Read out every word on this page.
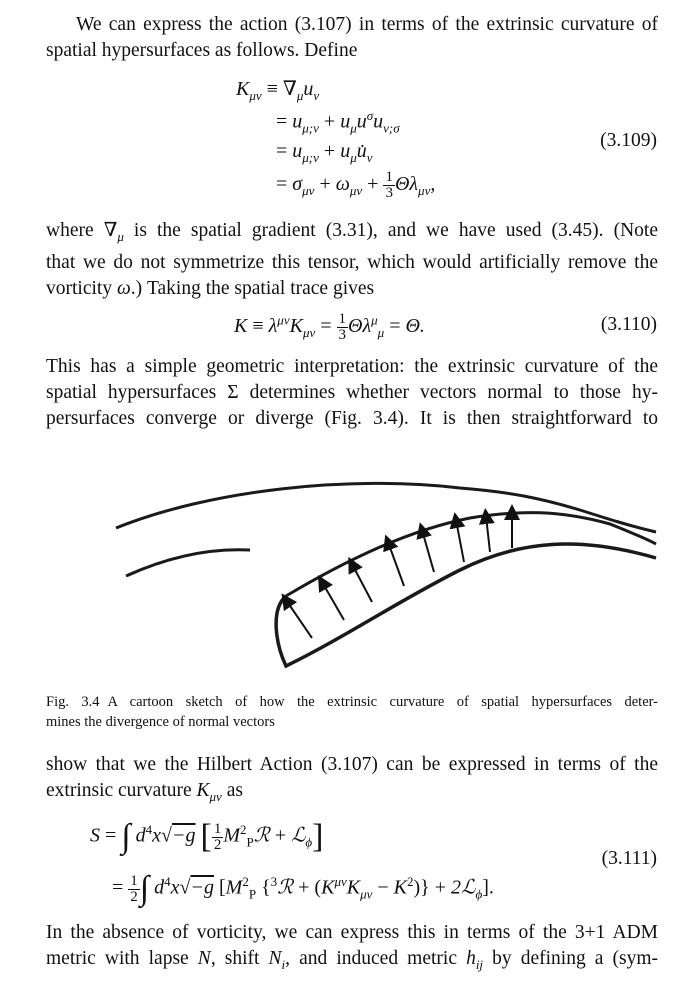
We can express the action (3.107) in terms of the extrinsic curvature of
spatial hypersurfaces as follows. Define
$K_{\mu\nu} \equiv \nabla_\mu u_\nu$
= $u_{\mu;\nu} + u_\mu u^\sigma u_{\nu;\sigma}$
= $u_{\mu;\nu}$ + $u_\mu u̇_\nu$
= $\sigma_{\mu\nu} + \omega_{\mu\nu} + \frac{1}{3} \Theta\lambda_{\mu\nu}$,
(3.109)
where $\nabla_\mu$ is the spatial gradient (3.31), and we have used (3.45). (Note
that we do not symmetrize this tensor, which would artificially remove the
vorticity ω.) Taking the spatial trace gives
$K \equiv \lambda^{\mu\nu}K_{\mu\nu} = \frac{1}{3} \Theta\lambda^\mu_\mu = \Theta$.	(3.110)
This has a simple geometric interpretation: the extrinsic curvature of the
spatial hypersurfaces Σ determines whether vectors normal to those hy-
persurfaces converge or diverge (Fig. 3.4). It is then straightforward to
Fig. 3.4 A cartoon sketch of how the extrinsic curvature of spatial hypersurfaces deter-
mines the divergence of normal vectors
show that we the Hilbert Action (3.107) can be expressed in terms of the
extrinsic curvature $K_{\mu\nu}$ as
S = ∫ $d^4x√-g$ [ $\frac{1}{2}$ $M^2_Pℛ$ + ℒ$_\phi$]
= $\frac{1}{2}$ ∫ $d^4x√-g$ [$M^2_P$ {$^3$ℛ + $(K^{\mu\nu}K_{\mu\nu} - K^2)$} + 2ℒ$_\phi$].
(3.111)
In the absence of vorticity, we can express this in terms of the 3+1 ADM
metric with lapse N, shift $N_i$, and induced metric $h_{ij}$ by defining a (sym-
